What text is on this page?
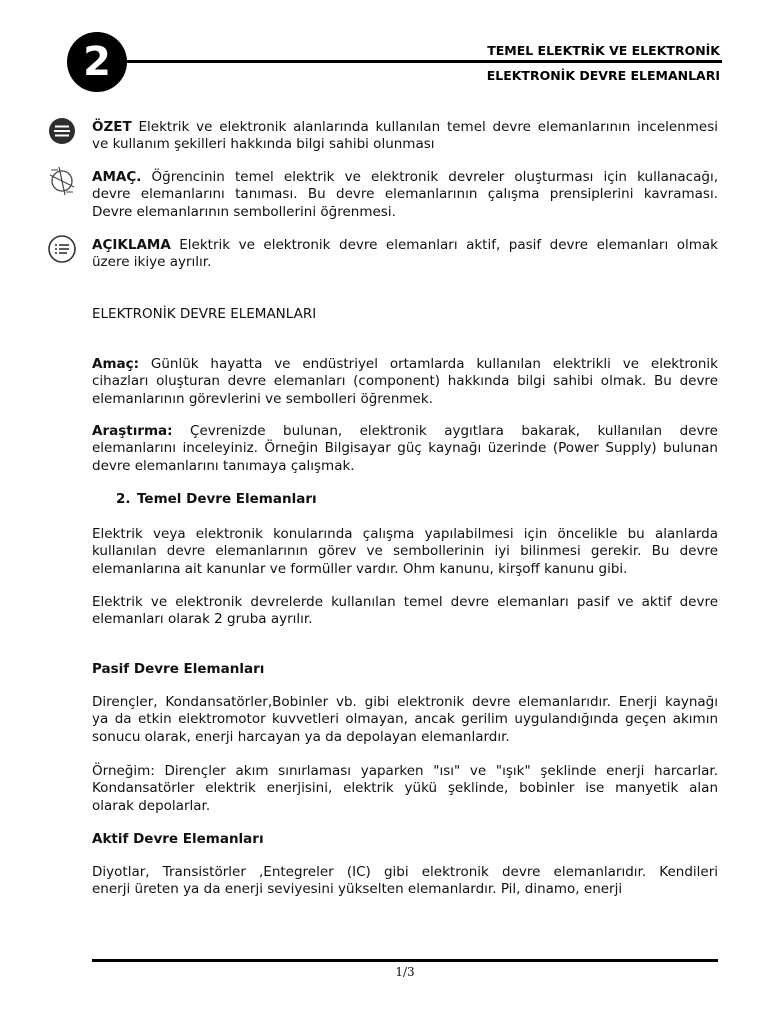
2	TEMEL ELEKTRİK VE ELEKTRONİK
ELEKTRONİK DEVRE ELEMANLARI
ÖZET Elektrik ve elektronik alanlarında kullanılan temel devre elemanlarının incelenmesi
ve kullanım şekilleri hakkında bilgi sahibi olunması
AMAÇ. Öğrencinin temel elektrik ve elektronik devreler oluşturması için kullanacağı,
devre elemanlarını tanıması. Bu devre elemanlarının çalışma prensiplerini kavraması.
Devre elemanlarının sembollerini öğrenmesi.
AÇIKLAMA Elektrik ve elektronik devre elemanları aktif, pasif devre elemanları olmak
üzere ikiye ayrılır.
ELEKTRONİK DEVRE ELEMANLARI
Amaç: Günlük hayatta ve endüstriyel ortamlarda kullanılan elektrikli ve elektronik
cihazları oluşturan devre elemanları (component) hakkında bilgi sahibi olmak. Bu devre
elemanlarının görevlerini ve sembolleri öğrenmek.
Araştırma: Çevrenizde bulunan, elektronik aygıtlara bakarak, kullanılan devre
elemanlarını inceleyiniz. Örneğin Bilgisayar güç kaynağı üzerinde (Power Supply) bulunan
devre elemanlarını tanımaya çalışmak.
2. Temel Devre Elemanları
Elektrik veya elektronik konularında çalışma yapılabilmesi için öncelikle bu alanlarda
kullanılan devre elemanlarının görev ve sembollerinin iyi bilinmesi gerekir. Bu devre
elemanlarına ait kanunlar ve formüller vardır. Ohm kanunu, kirşoff kanunu gibi.
Elektrik ve elektronik devrelerde kullanılan temel devre elemanları pasif ve aktif devre
elemanları olarak 2 gruba ayrılır.
Pasif Devre Elemanları
Dirençler, Kondansatörler,Bobinler vb. gibi elektronik devre elemanlarıdır. Enerji kaynağı
ya da etkin elektromotor kuvvetleri olmayan, ancak gerilim uygulandığında geçen akımın
sonucu olarak, enerji harcayan ya da depolayan elemanlardır.
Örneğim: Dirençler akım sınırlaması yaparken "ısı" ve "ışık" şeklinde enerji harcarlar.
Kondansatörler elektrik enerjisini, elektrik yükü şeklinde, bobinler ise manyetik alan
olarak depolarlar.
Aktif Devre Elemanları
Diyotlar, Transistörler ,Entegreler (IC) gibi elektronik devre elemanlarıdır. Kendileri
enerji üreten ya da enerji seviyesini yükselten elemanlardır. Pil, dinamo, enerji
1/3
